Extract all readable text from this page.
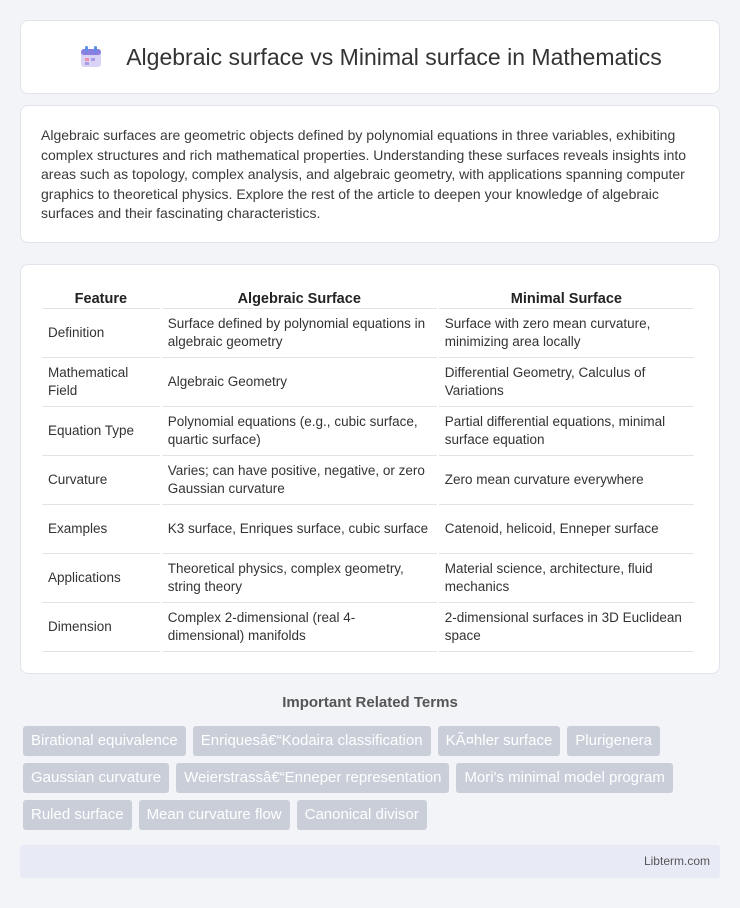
Algebraic surface vs Minimal surface in Mathematics

Algebraic surfaces are geometric objects defined by polynomial equations in three variables, exhibiting complex structures and rich mathematical properties. Understanding these surfaces reveals insights into areas such as topology, complex analysis, and algebraic geometry, with applications spanning computer graphics to theoretical physics. Explore the rest of the article to deepen your knowledge of algebraic surfaces and their fascinating characteristics.

Feature	Algebraic Surface	Minimal Surface
Definition	Surface defined by polynomial equations in algebraic geometry	Surface with zero mean curvature, minimizing area locally
Mathematical Field	Algebraic Geometry	Differential Geometry, Calculus of Variations
Equation Type	Polynomial equations (e.g., cubic surface, quartic surface)	Partial differential equations, minimal surface equation
Curvature	Varies; can have positive, negative, or zero Gaussian curvature	Zero mean curvature everywhere
Examples	K3 surface, Enriques surface, cubic surface	Catenoid, helicoid, Enneper surface
Applications	Theoretical physics, complex geometry, string theory	Material science, architecture, fluid mechanics
Dimension	Complex 2-dimensional (real 4-dimensional) manifolds	2-dimensional surfaces in 3D Euclidean space
Important Related Terms
Birational equivalence	Enriquesâ€“Kodaira classification	KÃ¤hler surface	Plurigenera
Gaussian curvature	Weierstrassâ€“Enneper representation	Mori's minimal model program
Ruled surface	Mean curvature flow	Canonical divisor
Libterm.com
